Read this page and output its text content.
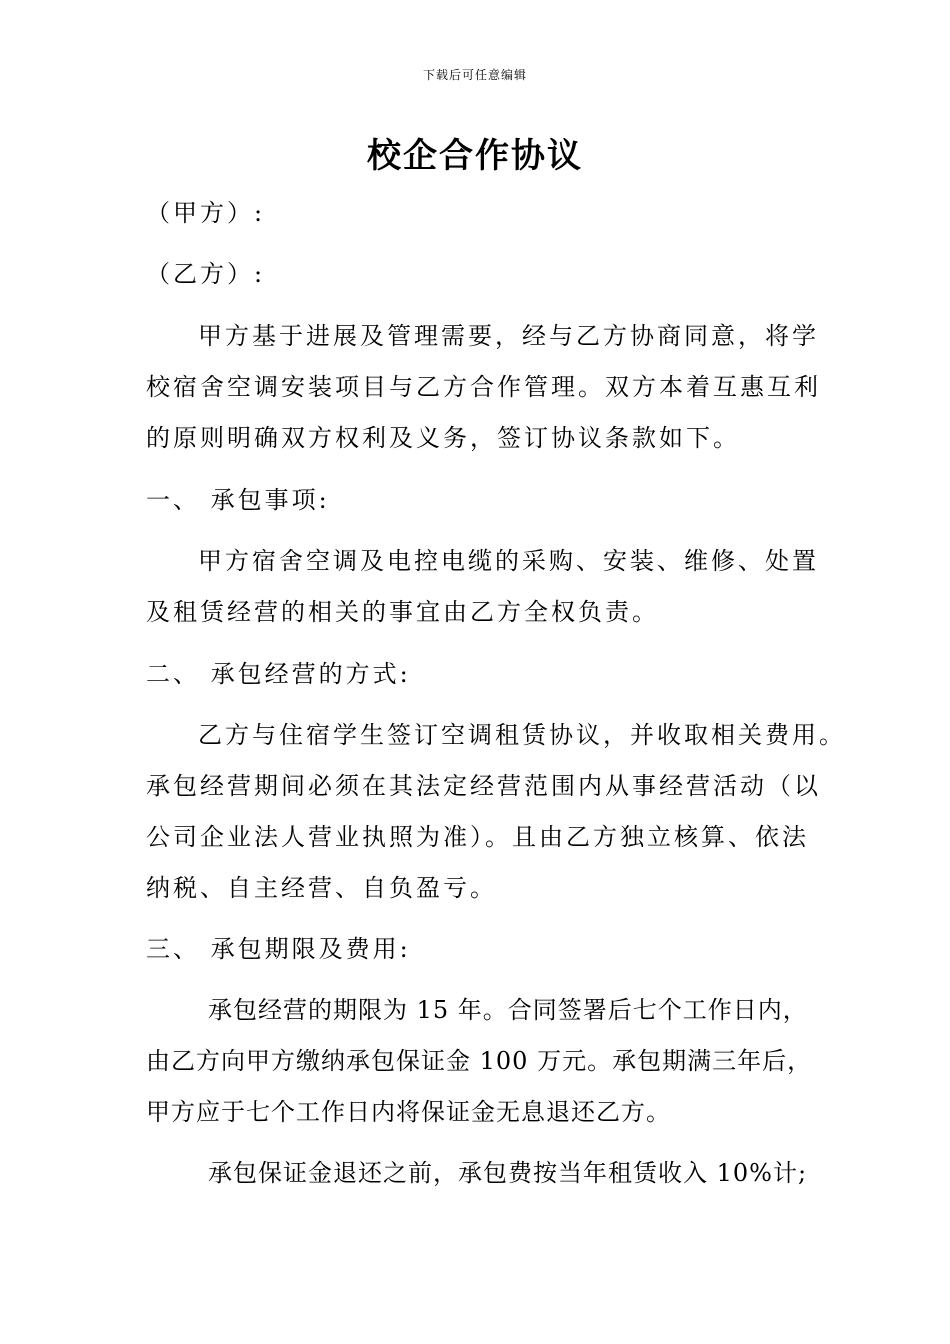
下载后可任意编辑
校企合作协议
（甲方）:
（乙方）:
甲方基于进展及管理需要，经与乙方协商同意，将学
校宿舍空调安装项目与乙方合作管理。双方本着互惠互利
的原则明确双方权利及义务，签订协议条款如下。
一、 承包事项:
甲方宿舍空调及电控电缆的采购、安装、维修、处置
及租赁经营的相关的事宜由乙方全权负责。
二、 承包经营的方式:
乙方与住宿学生签订空调租赁协议，并收取相关费用。
承包经营期间必须在其法定经营范围内从事经营活动（以
公司企业法人营业执照为准）。且由乙方独立核算、依法
纳税、自主经营、自负盈亏。
三、 承包期限及费用:
承包经营的期限为 15 年。合同签署后七个工作日内，
由乙方向甲方缴纳承包保证金 100 万元。承包期满三年后，
甲方应于七个工作日内将保证金无息退还乙方。
承包保证金退还之前，承包费按当年租赁收入 10%计;
